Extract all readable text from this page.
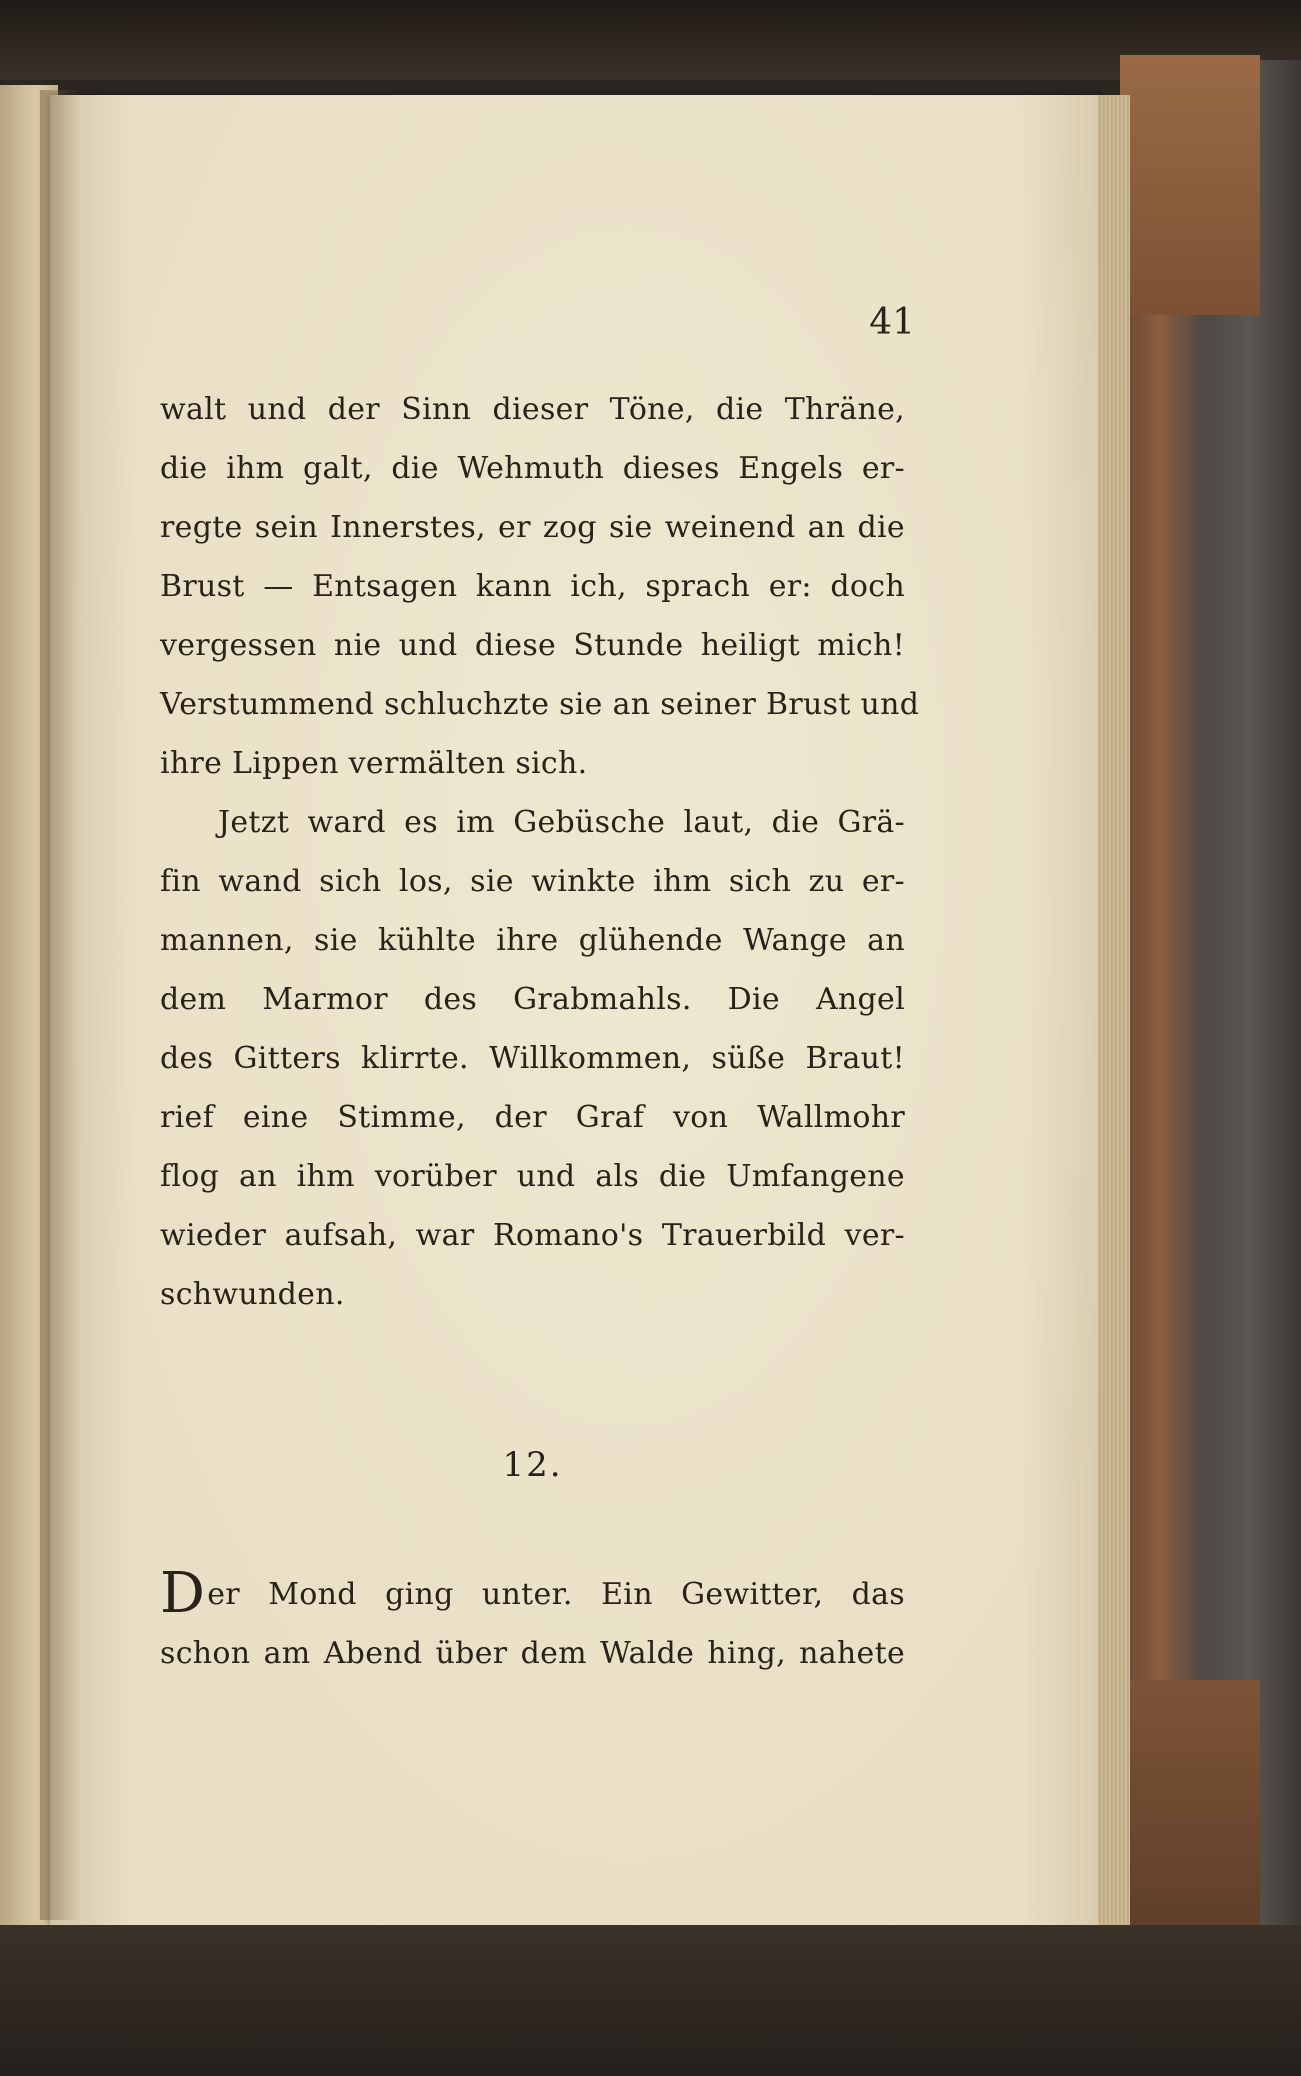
41
walt und der Sinn dieser Töne, die Thräne,
die ihm galt, die Wehmuth dieses Engels er-
regte sein Innerstes, er zog sie weinend an die
Brust — Entsagen kann ich, sprach er: doch
vergessen nie und diese Stunde heiligt mich!
Verstummend schluchzte sie an seiner Brust und
ihre Lippen vermälten sich.
Jetzt ward es im Gebüsche laut, die Grä-
fin wand sich los, sie winkte ihm sich zu er-
mannen, sie kühlte ihre glühende Wange an
dem Marmor des Grabmahls. Die Angel
des Gitters klirrte. Willkommen, süße Braut!
rief eine Stimme, der Graf von Wallmohr
flog an ihm vorüber und als die Umfangene
wieder aufsah, war Romano's Trauerbild ver-
schwunden.
12.
Der Mond ging unter. Ein Gewitter, das
schon am Abend über dem Walde hing, nahete
